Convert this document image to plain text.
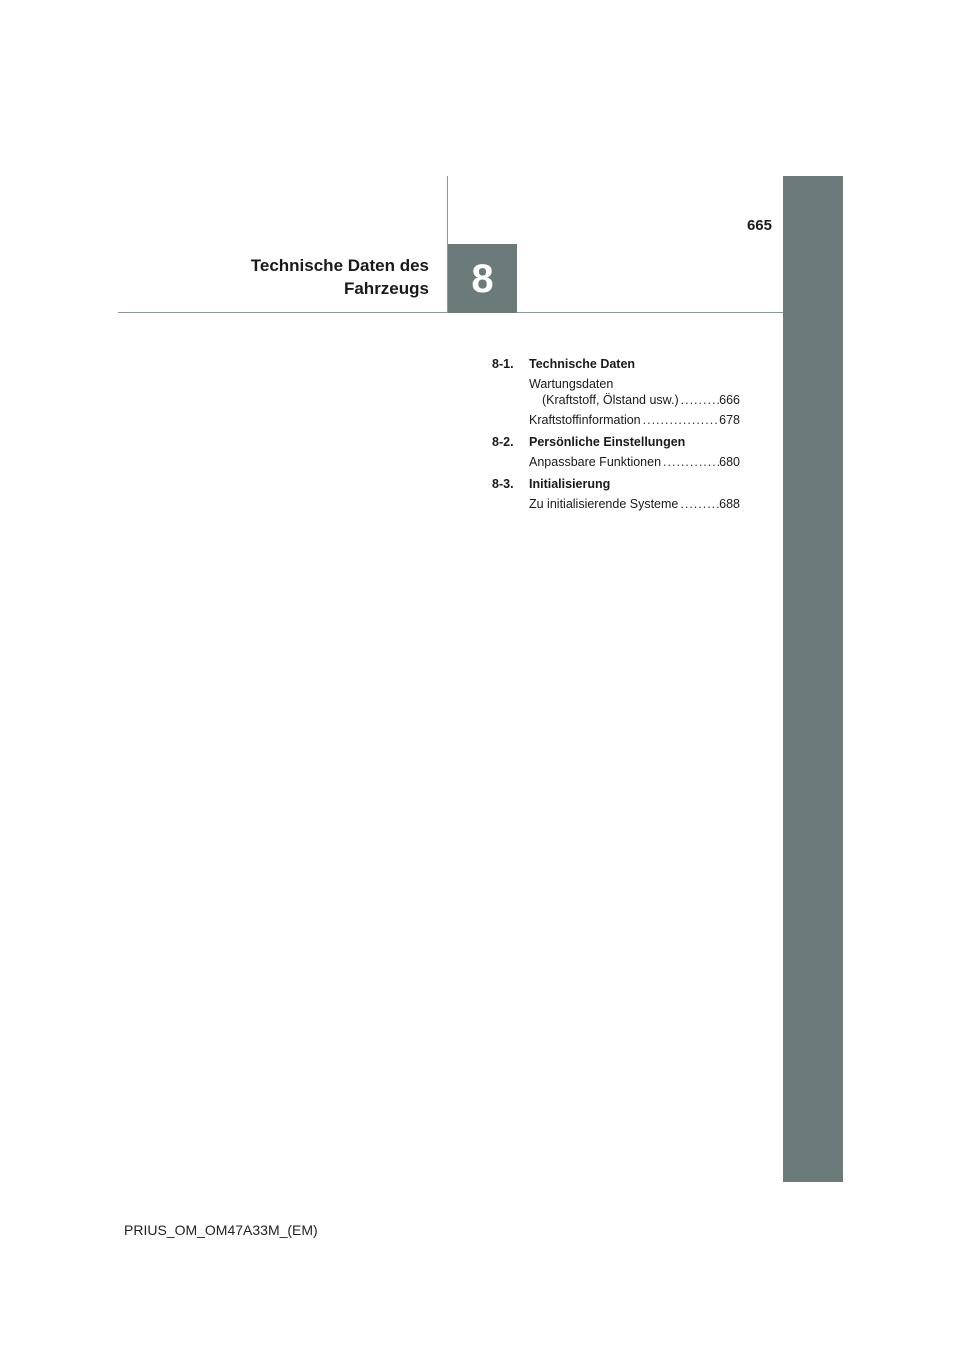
665
Technische Daten des
Fahrzeugs 8
8-1.	Technische Daten
Wartungsdaten
(Kraftstoff, Ölstand usw.) .....	666
Kraftstoffinformation .....	678
8-2.	Persönliche Einstellungen
Anpassbare Funktionen .....	680
8-3.	Initialisierung
Zu initialisierende Systeme .....	688
PRIUS_OM_OM47A33M_(EM)
